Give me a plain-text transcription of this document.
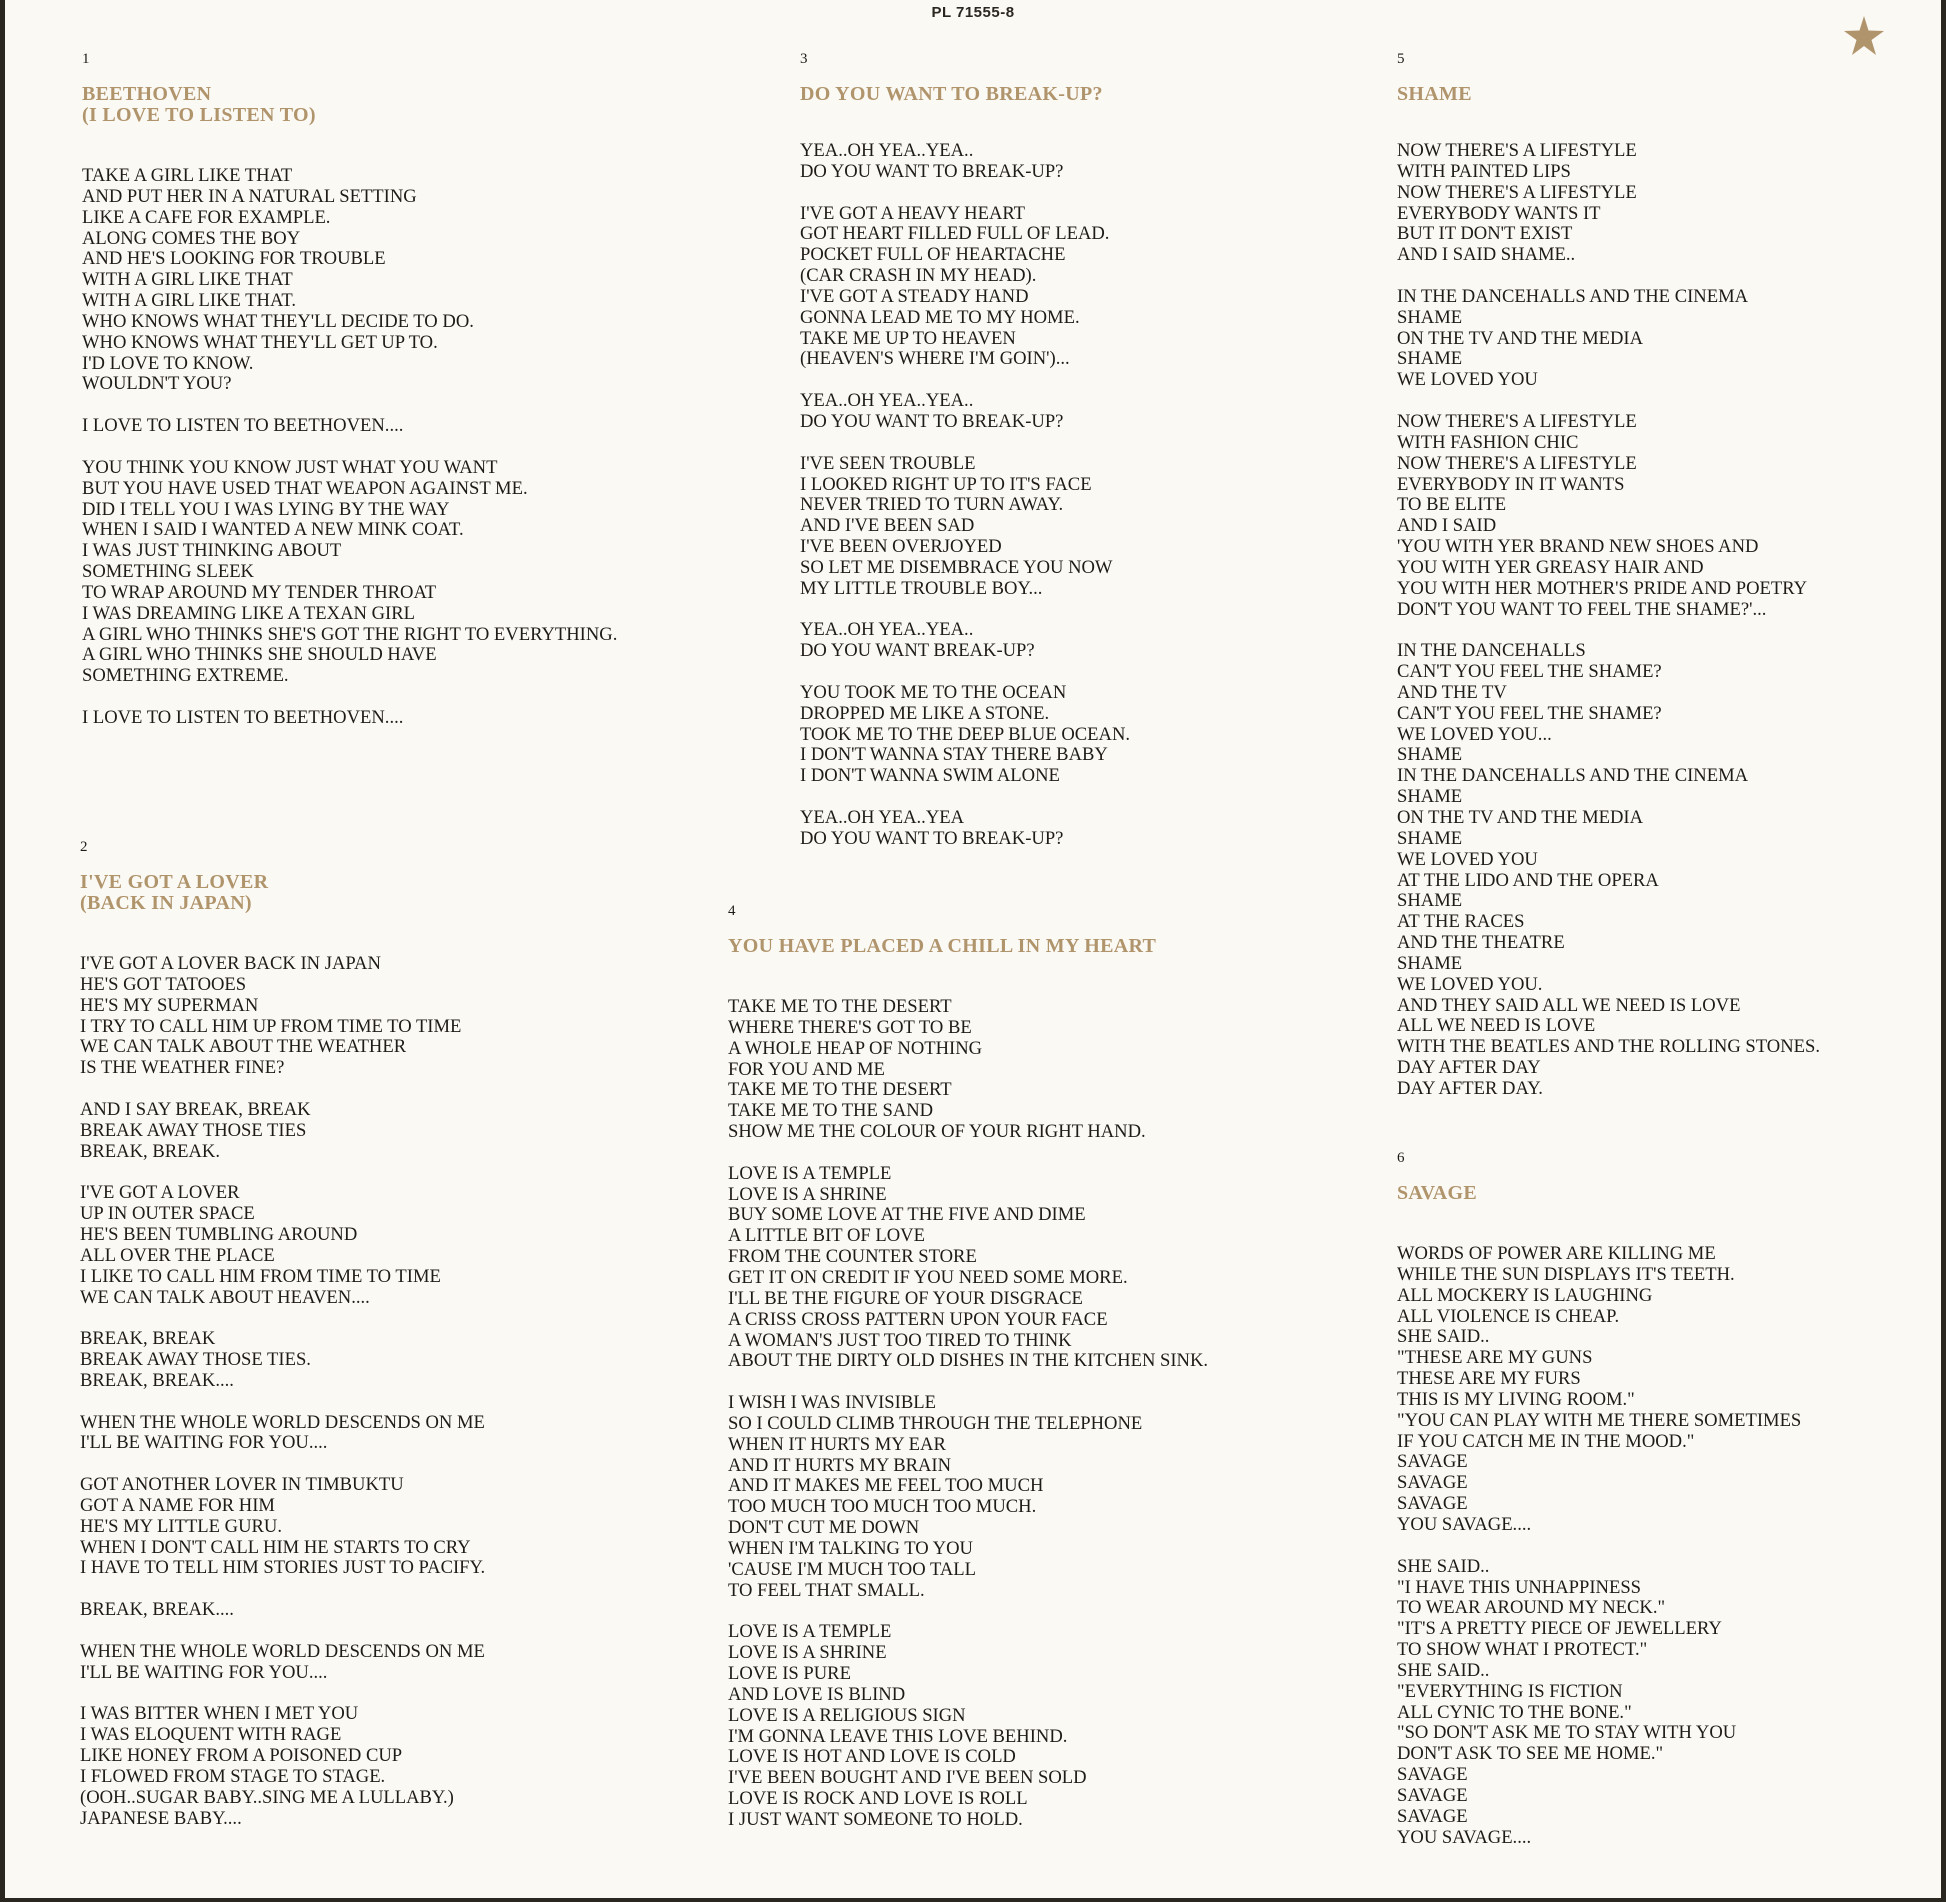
PL 71555-8
1
BEETHOVEN
(I LOVE TO LISTEN TO)
TAKE A GIRL LIKE THAT
AND PUT HER IN A NATURAL SETTING
LIKE A CAFE FOR EXAMPLE.
ALONG COMES THE BOY
AND HE'S LOOKING FOR TROUBLE
WITH A GIRL LIKE THAT
WITH A GIRL LIKE THAT.
WHO KNOWS WHAT THEY'LL DECIDE TO DO.
WHO KNOWS WHAT THEY'LL GET UP TO.
I'D LOVE TO KNOW.
WOULDN'T YOU?
I LOVE TO LISTEN TO BEETHOVEN....
YOU THINK YOU KNOW JUST WHAT YOU WANT
BUT YOU HAVE USED THAT WEAPON AGAINST ME.
DID I TELL YOU I WAS LYING BY THE WAY
WHEN I SAID I WANTED A NEW MINK COAT.
I WAS JUST THINKING ABOUT
SOMETHING SLEEK
TO WRAP AROUND MY TENDER THROAT
I WAS DREAMING LIKE A TEXAN GIRL
A GIRL WHO THINKS SHE'S GOT THE RIGHT TO EVERYTHING.
A GIRL WHO THINKS SHE SHOULD HAVE
SOMETHING EXTREME.
I LOVE TO LISTEN TO BEETHOVEN....
2
I'VE GOT A LOVER
(BACK IN JAPAN)
I'VE GOT A LOVER BACK IN JAPAN
HE'S GOT TATOOES
HE'S MY SUPERMAN
I TRY TO CALL HIM UP FROM TIME TO TIME
WE CAN TALK ABOUT THE WEATHER
IS THE WEATHER FINE?
AND I SAY BREAK, BREAK
BREAK AWAY THOSE TIES
BREAK, BREAK.
I'VE GOT A LOVER
UP IN OUTER SPACE
HE'S BEEN TUMBLING AROUND
ALL OVER THE PLACE
I LIKE TO CALL HIM FROM TIME TO TIME
WE CAN TALK ABOUT HEAVEN....
BREAK, BREAK
BREAK AWAY THOSE TIES.
BREAK, BREAK....
WHEN THE WHOLE WORLD DESCENDS ON ME
I'LL BE WAITING FOR YOU....
GOT ANOTHER LOVER IN TIMBUKTU
GOT A NAME FOR HIM
HE'S MY LITTLE GURU.
WHEN I DON'T CALL HIM HE STARTS TO CRY
I HAVE TO TELL HIM STORIES JUST TO PACIFY.
BREAK, BREAK....
WHEN THE WHOLE WORLD DESCENDS ON ME
I'LL BE WAITING FOR YOU....
I WAS BITTER WHEN I MET YOU
I WAS ELOQUENT WITH RAGE
LIKE HONEY FROM A POISONED CUP
I FLOWED FROM STAGE TO STAGE.
(OOH..SUGAR BABY..SING ME A LULLABY.)
JAPANESE BABY....
3
DO YOU WANT TO BREAK-UP?
YEA..OH YEA..YEA..
DO YOU WANT TO BREAK-UP?
I'VE GOT A HEAVY HEART
GOT HEART FILLED FULL OF LEAD.
POCKET FULL OF HEARTACHE
(CAR CRASH IN MY HEAD).
I'VE GOT A STEADY HAND
GONNA LEAD ME TO MY HOME.
TAKE ME UP TO HEAVEN
(HEAVEN'S WHERE I'M GOIN')...
YEA..OH YEA..YEA..
DO YOU WANT TO BREAK-UP?
I'VE SEEN TROUBLE
I LOOKED RIGHT UP TO IT'S FACE
NEVER TRIED TO TURN AWAY.
AND I'VE BEEN SAD
I'VE BEEN OVERJOYED
SO LET ME DISEMBRACE YOU NOW
MY LITTLE TROUBLE BOY...
YEA..OH YEA..YEA..
DO YOU WANT BREAK-UP?
YOU TOOK ME TO THE OCEAN
DROPPED ME LIKE A STONE.
TOOK ME TO THE DEEP BLUE OCEAN.
I DON'T WANNA STAY THERE BABY
I DON'T WANNA SWIM ALONE
YEA..OH YEA..YEA
DO YOU WANT TO BREAK-UP?
4
YOU HAVE PLACED A CHILL IN MY HEART
TAKE ME TO THE DESERT
WHERE THERE'S GOT TO BE
A WHOLE HEAP OF NOTHING
FOR YOU AND ME
TAKE ME TO THE DESERT
TAKE ME TO THE SAND
SHOW ME THE COLOUR OF YOUR RIGHT HAND.
LOVE IS A TEMPLE
LOVE IS A SHRINE
BUY SOME LOVE AT THE FIVE AND DIME
A LITTLE BIT OF LOVE
FROM THE COUNTER STORE
GET IT ON CREDIT IF YOU NEED SOME MORE.
I'LL BE THE FIGURE OF YOUR DISGRACE
A CRISS CROSS PATTERN UPON YOUR FACE
A WOMAN'S JUST TOO TIRED TO THINK
ABOUT THE DIRTY OLD DISHES IN THE KITCHEN SINK.
I WISH I WAS INVISIBLE
SO I COULD CLIMB THROUGH THE TELEPHONE
WHEN IT HURTS MY EAR
AND IT HURTS MY BRAIN
AND IT MAKES ME FEEL TOO MUCH
TOO MUCH TOO MUCH TOO MUCH.
DON'T CUT ME DOWN
WHEN I'M TALKING TO YOU
'CAUSE I'M MUCH TOO TALL
TO FEEL THAT SMALL.
LOVE IS A TEMPLE
LOVE IS A SHRINE
LOVE IS PURE
AND LOVE IS BLIND
LOVE IS A RELIGIOUS SIGN
I'M GONNA LEAVE THIS LOVE BEHIND.
LOVE IS HOT AND LOVE IS COLD
I'VE BEEN BOUGHT AND I'VE BEEN SOLD
LOVE IS ROCK AND LOVE IS ROLL
I JUST WANT SOMEONE TO HOLD.
5
SHAME
NOW THERE'S A LIFESTYLE
WITH PAINTED LIPS
NOW THERE'S A LIFESTYLE
EVERYBODY WANTS IT
BUT IT DON'T EXIST
AND I SAID SHAME..
IN THE DANCEHALLS AND THE CINEMA
SHAME
ON THE TV AND THE MEDIA
SHAME
WE LOVED YOU
NOW THERE'S A LIFESTYLE
WITH FASHION CHIC
NOW THERE'S A LIFESTYLE
EVERYBODY IN IT WANTS
TO BE ELITE
AND I SAID
'YOU WITH YER BRAND NEW SHOES AND
YOU WITH YER GREASY HAIR AND
YOU WITH HER MOTHER'S PRIDE AND POETRY
DON'T YOU WANT TO FEEL THE SHAME?'...
IN THE DANCEHALLS
CAN'T YOU FEEL THE SHAME?
AND THE TV
CAN'T YOU FEEL THE SHAME?
WE LOVED YOU...
SHAME
IN THE DANCEHALLS AND THE CINEMA
SHAME
ON THE TV AND THE MEDIA
SHAME
WE LOVED YOU
AT THE LIDO AND THE OPERA
SHAME
AT THE RACES
AND THE THEATRE
SHAME
WE LOVED YOU.
AND THEY SAID ALL WE NEED IS LOVE
ALL WE NEED IS LOVE
WITH THE BEATLES AND THE ROLLING STONES.
DAY AFTER DAY
DAY AFTER DAY.
6
SAVAGE
WORDS OF POWER ARE KILLING ME
WHILE THE SUN DISPLAYS IT'S TEETH.
ALL MOCKERY IS LAUGHING
ALL VIOLENCE IS CHEAP.
SHE SAID..
"THESE ARE MY GUNS
THESE ARE MY FURS
THIS IS MY LIVING ROOM."
"YOU CAN PLAY WITH ME THERE SOMETIMES
IF YOU CATCH ME IN THE MOOD."
SAVAGE
SAVAGE
SAVAGE
YOU SAVAGE....
SHE SAID..
"I HAVE THIS UNHAPPINESS
TO WEAR AROUND MY NECK."
"IT'S A PRETTY PIECE OF JEWELLERY
TO SHOW WHAT I PROTECT."
SHE SAID..
"EVERYTHING IS FICTION
ALL CYNIC TO THE BONE."
"SO DON'T ASK ME TO STAY WITH YOU
DON'T ASK TO SEE ME HOME."
SAVAGE
SAVAGE
SAVAGE
YOU SAVAGE....
